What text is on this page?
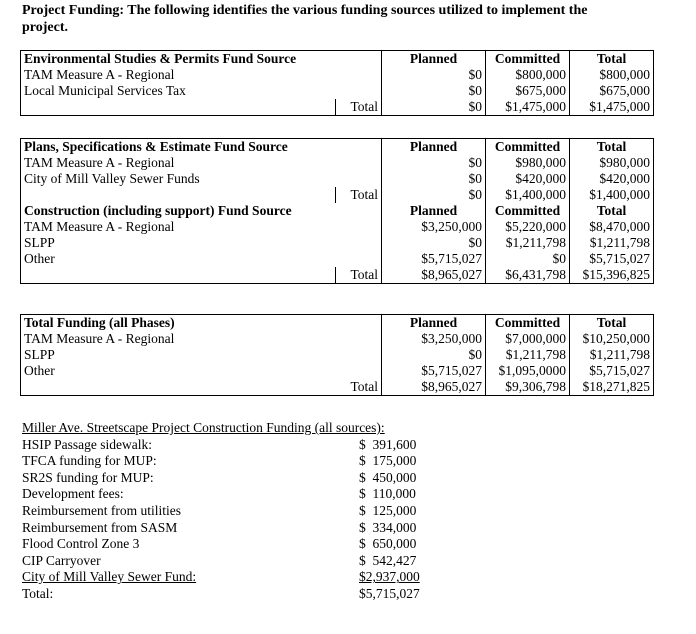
Project Funding: The following identifies the various funding sources utilized to implement the
project.
Environmental Studies & Permits Fund Source		Planned	Committed	Total
TAM Measure A - Regional		$0	$800,000	$800,000
Local Municipal Services Tax		$0	$675,000	$675,000
	Total	$0	$1,475,000	$1,475,000
Plans, Specifications & Estimate Fund Source		Planned	Committed	Total
TAM Measure A - Regional		$0	$980,000	$980,000
City of Mill Valley Sewer Funds		$0	$420,000	$420,000
	Total	$0	$1,400,000	$1,400,000
Construction (including support) Fund Source		Planned	Committed	Total
TAM Measure A - Regional		$3,250,000	$5,220,000	$8,470,000
SLPP		$0	$1,211,798	$1,211,798
Other		$5,715,027	$0	$5,715,027
	Total	$8,965,027	$6,431,798	$15,396,825
Total Funding (all Phases)		Planned	Committed	Total
TAM Measure A - Regional		$3,250,000	$7,000,000	$10,250,000
SLPP		$0	$1,211,798	$1,211,798
Other		$5,715,027	$1,095,0000	$5,715,027
	Total	$8,965,027	$9,306,798	$18,271,825
Miller Ave. Streetscape Project Construction Funding (all sources):
HSIP Passage sidewalk:	$  391,600
TFCA funding for MUP:	$  175,000
SR2S funding for MUP:	$  450,000
Development fees:	$  110,000
Reimbursement from utilities	$  125,000
Reimbursement from SASM	$  334,000
Flood Control Zone 3	$  650,000
CIP Carryover	$  542,427
City of Mill Valley Sewer Fund:	$2,937,000
Total:	$5,715,027
